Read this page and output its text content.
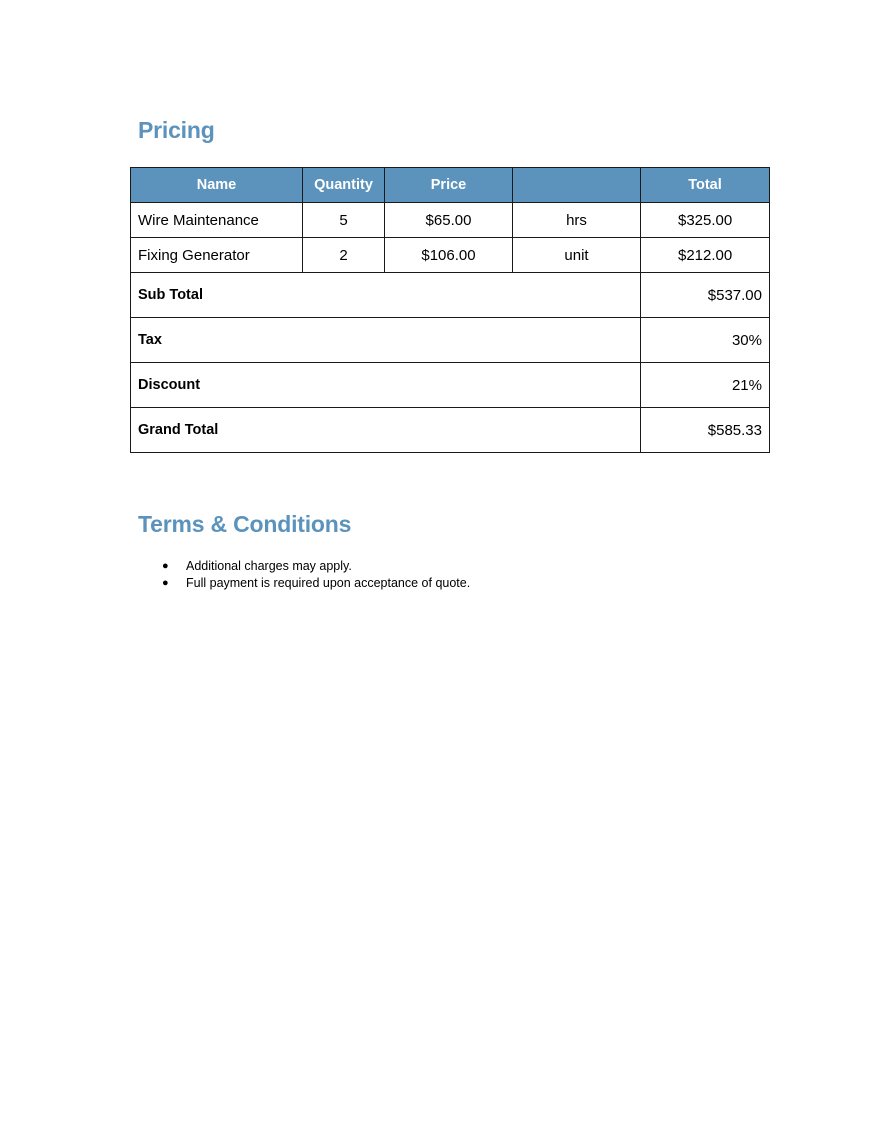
Pricing
Name	Quantity	Price		Total
Wire Maintenance	5	$65.00	hrs	$325.00
Fixing Generator	2	$106.00	unit	$212.00
Sub Total				$537.00
Tax				30%
Discount				21%
Grand Total				$585.33
Terms & Conditions
● Additional charges may apply.
● Full payment is required upon acceptance of quote.
